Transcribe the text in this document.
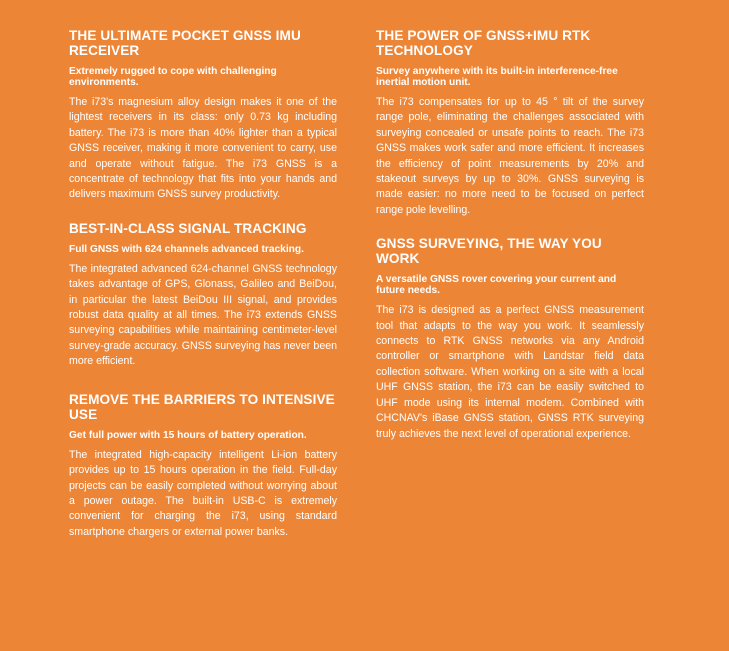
THE ULTIMATE POCKET GNSS IMU RECEIVER

Extremely rugged to cope with challenging environments.

The i73's magnesium alloy design makes it one of the lightest receivers in its class: only 0.73 kg including battery. The i73 is more than 40% lighter than a typical GNSS receiver, making it more convenient to carry, use and operate without fatigue. The i73 GNSS is a concentrate of technology that fits into your hands and delivers maximum GNSS survey productivity.

BEST-IN-CLASS SIGNAL TRACKING

Full GNSS with 624 channels advanced tracking.

The integrated advanced 624-channel GNSS technology takes advantage of GPS, Glonass, Galileo and BeiDou, in particular the latest BeiDou III signal, and provides robust data quality at all times. The i73 extends GNSS surveying capabilities while maintaining centimeter-level survey-grade accuracy. GNSS surveying has never been more efficient.

REMOVE THE BARRIERS TO INTENSIVE USE

Get full power with 15 hours of battery operation.

The integrated high-capacity intelligent Li-ion battery provides up to 15 hours operation in the field. Full-day projects can be easily completed without worrying about a power outage. The built-in USB-C is extremely convenient for charging the i73, using standard smartphone chargers or external power banks.

THE POWER OF GNSS+IMU RTK TECHNOLOGY

Survey anywhere with its built-in interference-free inertial motion unit.

The i73 compensates for up to 45 ° tilt of the survey range pole, eliminating the challenges associated with surveying concealed or unsafe points to reach. The i73 GNSS makes work safer and more efficient. It increases the efficiency of point measurements by 20% and stakeout surveys by up to 30%. GNSS surveying is made easier: no more need to be focused on perfect range pole levelling.

GNSS SURVEYING, THE WAY YOU WORK

A versatile GNSS rover covering your current and future needs.

The i73 is designed as a perfect GNSS measurement tool that adapts to the way you work. It seamlessly connects to RTK GNSS networks via any Android controller or smartphone with Landstar field data collection software. When working on a site with a local UHF GNSS station, the i73 can be easily switched to UHF mode using its internal modem. Combined with CHCNAV's iBase GNSS station, GNSS RTK surveying truly achieves the next level of operational experience.
